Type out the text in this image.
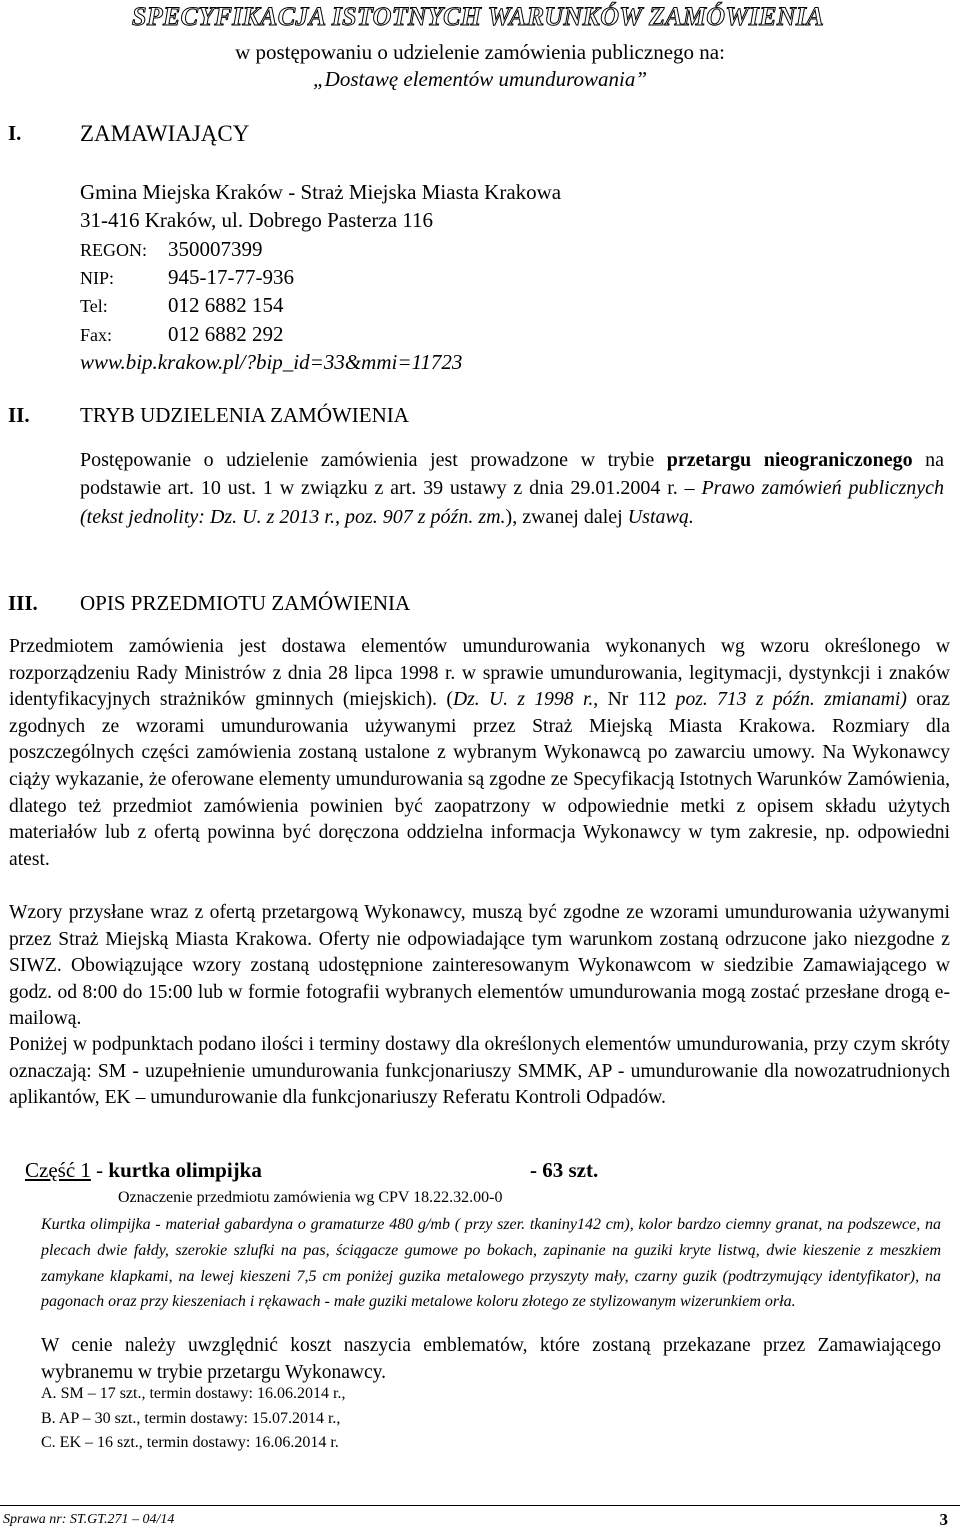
SPECYFIKACJA ISTOTNYCH WARUNKÓW ZAMÓWIENIA
w postępowaniu o udzielenie zamówienia publicznego na:
„Dostawę elementów umundurowania”
I.	ZAMAWIAJĄCY
Gmina Miejska Kraków - Straż Miejska Miasta Krakowa
31-416 Kraków, ul. Dobrego Pasterza 116
REGON: 350007399
NIP:	945-17-77-936
Tel:	012 6882 154
Fax:	012 6882 292
www.bip.krakow.pl/?bip_id=33&mmi=11723
II. TRYB UDZIELENIA ZAMÓWIENIA
Postępowanie o udzielenie zamówienia jest prowadzone w trybie przetargu nieograniczonego na podstawie art. 10 ust. 1 w związku z art. 39 ustawy z dnia 29.01.2004 r. – Prawo zamówień publicznych (tekst jednolity: Dz. U. z 2013 r., poz. 907 z późn. zm.), zwanej dalej Ustawą.
III. OPIS PRZEDMIOTU ZAMÓWIENIA
Przedmiotem zamówienia jest dostawa elementów umundurowania wykonanych wg wzoru określonego w rozporządzeniu Rady Ministrów z dnia 28 lipca 1998 r. w sprawie umundurowania, legitymacji, dystynkcji i znaków identyfikacyjnych strażników gminnych (miejskich). (Dz. U. z 1998 r., Nr 112 poz. 713 z późn. zmianami) oraz zgodnych ze wzorami umundurowania używanymi przez Straż Miejską Miasta Krakowa. Rozmiary dla poszczególnych części zamówienia zostaną ustalone z wybranym Wykonawcą po zawarciu umowy. Na Wykonawcy ciąży wykazanie, że oferowane elementy umundurowania są zgodne ze Specyfikacją Istotnych Warunków Zamówienia, dlatego też przedmiot zamówienia powinien być zaopatrzony w odpowiednie metki z opisem składu użytych materiałów lub z ofertą powinna być doręczona oddzielna informacja Wykonawcy w tym zakresie, np. odpowiedni atest.
Wzory przysłane wraz z ofertą przetargową Wykonawcy, muszą być zgodne ze wzorami umundurowania używanymi przez Straż Miejską Miasta Krakowa. Oferty nie odpowiadające tym warunkom zostaną odrzucone jako niezgodne z SIWZ. Obowiązujące wzory zostaną udostępnione zainteresowanym Wykonawcom w siedzibie Zamawiającego w godz. od 8:00 do 15:00 lub w formie fotografii wybranych elementów umundurowania mogą zostać przesłane drogą e-mailową.
Poniżej w podpunktach podano ilości i terminy dostawy dla określonych elementów umundurowania, przy czym skróty oznaczają: SM - uzupełnienie umundurowania funkcjonariuszy SMMK, AP - umundurowanie dla nowozatrudnionych aplikantów, EK – umundurowanie dla funkcjonariuszy Referatu Kontroli Odpadów.
Część 1 - kurtka olimpijka	- 63 szt.
Oznaczenie przedmiotu zamówienia wg CPV 18.22.32.00-0
Kurtka olimpijka - materiał gabardyna o gramaturze 480 g/mb ( przy szer. tkaniny142 cm), kolor bardzo ciemny granat, na podszewce, na plecach dwie fałdy, szerokie szlufki na pas, ściągacze gumowe po bokach, zapinanie na guziki kryte listwą, dwie kieszenie z meszkiem zamykane klapkami, na lewej kieszeni 7,5 cm poniżej guzika metalowego przyszyty mały, czarny guzik (podtrzymujący identyfikator), na pagonach oraz przy kieszeniach i rękawach - małe guziki metalowe koloru złotego ze stylizowanym wizerunkiem orła.
W cenie należy uwzględnić koszt naszycia emblematów, które zostaną przekazane przez Zamawiającego wybranemu w trybie przetargu Wykonawcy.
A. SM – 17 szt., termin dostawy: 16.06.2014 r.,
B. AP – 30 szt., termin dostawy: 15.07.2014 r.,
C. EK – 16 szt., termin dostawy: 16.06.2014 r.
Sprawa nr: ST.GT.271 – 04/14	3
